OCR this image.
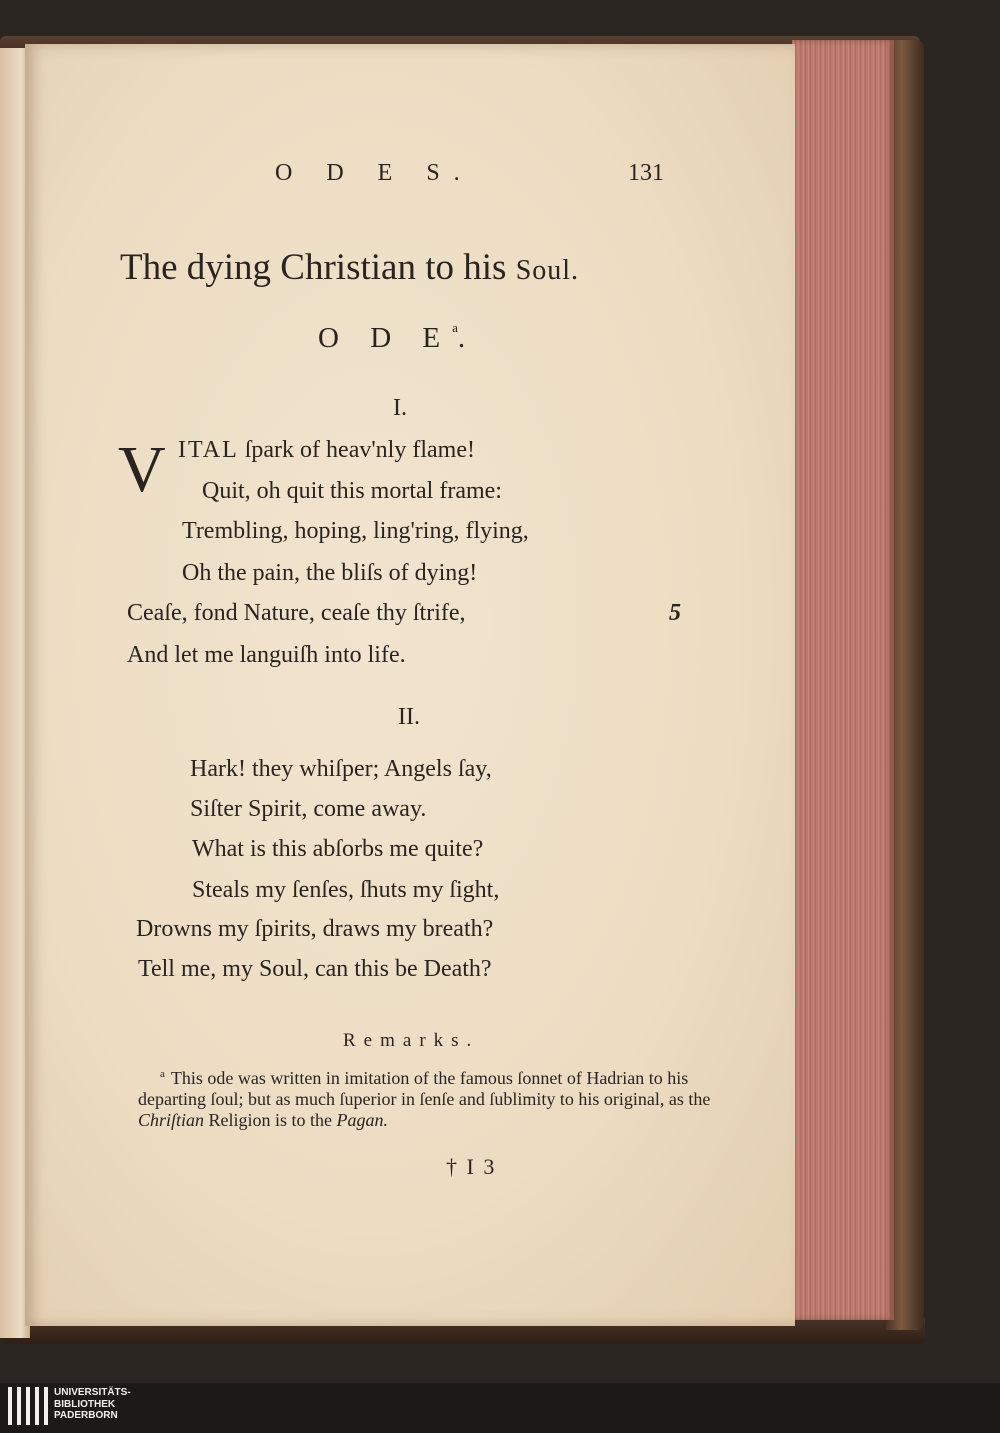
O D E S.	131
The dying Christian to his Soul.
O D $E^a$.
I.
V ITAL ſpark of heav'nly flame!
Quit, oh quit this mortal frame:
Trembling, hoping, ling'ring, flying,
Oh the pain, the bliſs of dying!
Ceaſe, fond Nature, ceaſe thy ſtrife,	5
And let me languiſh into life.
II.
Hark! they whiſper; Angels ſay,
Siſter Spirit, come away.
What is this abſorbs me quite?
Steals my ſenſes, ſhuts my ſight,
Drowns my ſpirits, draws my breath?
Tell me, my Soul, can this be Death?
Remarks.
$^a$ This ode was written in imitation of the famous ſonnet of Hadrian to his departing ſoul; but as much ſuperior in ſenſe and ſublimity to his original, as the Chriſtian Religion is to the Pagan.
† I 3
UNIVERSITÄTS-
BIBLIOTHEK
PADERBORN
